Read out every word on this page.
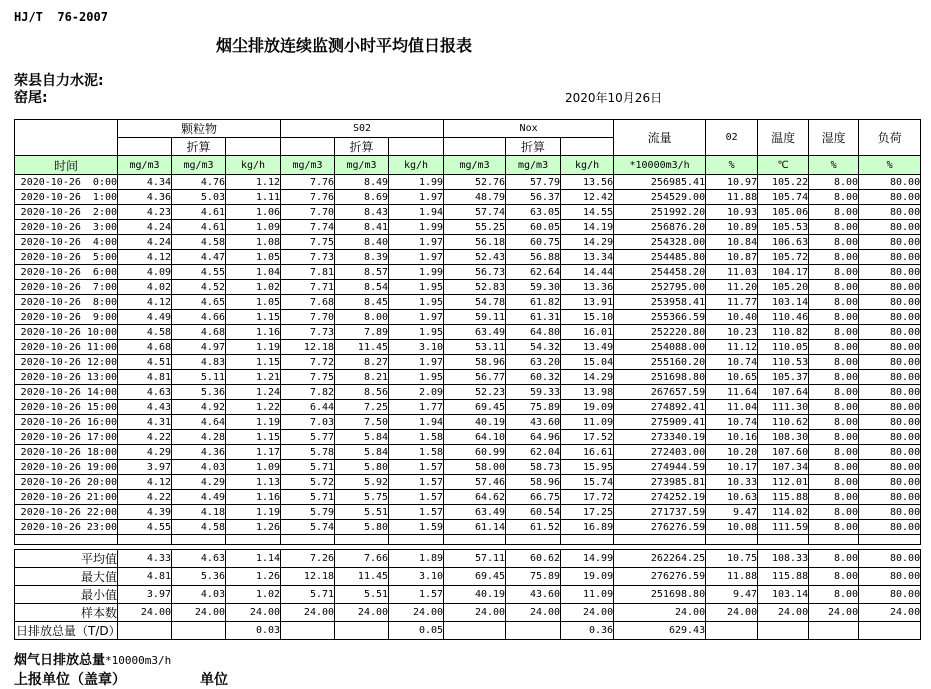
HJ/T  76-2007
烟尘排放连续监测小时平均值日报表
荣县自力水泥:
窑尾:	2020年10月26日
	颗粒物			S02			Nox			流量	02	温度	湿度	负荷
		折算			折算			折算						
时间	mg/m3	mg/m3	kg/h	mg/m3	mg/m3	kg/h	mg/m3	mg/m3	kg/h	*10000m3/h	%	℃	%	%
2020-10-26  0:00	4.34	4.76	1.12	7.76	8.49	1.99	52.76	57.79	13.56	256985.41	10.97	105.22	8.00	80.00
2020-10-26  1:00	4.36	5.03	1.11	7.76	8.69	1.97	48.79	56.37	12.42	254529.00	11.88	105.74	8.00	80.00
2020-10-26  2:00	4.23	4.61	1.06	7.70	8.43	1.94	57.74	63.05	14.55	251992.20	10.93	105.06	8.00	80.00
2020-10-26  3:00	4.24	4.61	1.09	7.74	8.41	1.99	55.25	60.05	14.19	256876.20	10.89	105.53	8.00	80.00
2020-10-26  4:00	4.24	4.58	1.08	7.75	8.40	1.97	56.18	60.75	14.29	254328.00	10.84	106.63	8.00	80.00
2020-10-26  5:00	4.12	4.47	1.05	7.73	8.39	1.97	52.43	56.88	13.34	254485.80	10.87	105.72	8.00	80.00
2020-10-26  6:00	4.09	4.55	1.04	7.81	8.57	1.99	56.73	62.64	14.44	254458.20	11.03	104.17	8.00	80.00
2020-10-26  7:00	4.02	4.52	1.02	7.71	8.54	1.95	52.83	59.30	13.36	252795.00	11.20	105.20	8.00	80.00
2020-10-26  8:00	4.12	4.65	1.05	7.68	8.45	1.95	54.78	61.82	13.91	253958.41	11.77	103.14	8.00	80.00
2020-10-26  9:00	4.49	4.66	1.15	7.70	8.00	1.97	59.11	61.31	15.10	255366.59	10.40	110.46	8.00	80.00
2020-10-26 10:00	4.58	4.68	1.16	7.73	7.89	1.95	63.49	64.80	16.01	252220.80	10.23	110.82	8.00	80.00
2020-10-26 11:00	4.68	4.97	1.19	12.18	11.45	3.10	53.11	54.32	13.49	254088.00	11.12	110.05	8.00	80.00
2020-10-26 12:00	4.51	4.83	1.15	7.72	8.27	1.97	58.96	63.20	15.04	255160.20	10.74	110.53	8.00	80.00
2020-10-26 13:00	4.81	5.11	1.21	7.75	8.21	1.95	56.77	60.32	14.29	251698.80	10.65	105.37	8.00	80.00
2020-10-26 14:00	4.63	5.36	1.24	7.82	8.56	2.09	52.23	59.33	13.98	267657.59	11.64	107.64	8.00	80.00
2020-10-26 15:00	4.43	4.92	1.22	6.44	7.25	1.77	69.45	75.89	19.09	274892.41	11.04	111.30	8.00	80.00
2020-10-26 16:00	4.31	4.64	1.19	7.03	7.50	1.94	40.19	43.60	11.09	275909.41	10.74	110.62	8.00	80.00
2020-10-26 17:00	4.22	4.28	1.15	5.77	5.84	1.58	64.10	64.96	17.52	273340.19	10.16	108.30	8.00	80.00
2020-10-26 18:00	4.29	4.36	1.17	5.78	5.84	1.58	60.99	62.04	16.61	272403.00	10.20	107.60	8.00	80.00
2020-10-26 19:00	3.97	4.03	1.09	5.71	5.80	1.57	58.00	58.73	15.95	274944.59	10.17	107.34	8.00	80.00
2020-10-26 20:00	4.12	4.29	1.13	5.72	5.92	1.57	57.46	58.96	15.74	273985.81	10.33	112.01	8.00	80.00
2020-10-26 21:00	4.22	4.49	1.16	5.71	5.75	1.57	64.62	66.75	17.72	274252.19	10.63	115.88	8.00	80.00
2020-10-26 22:00	4.39	4.18	1.19	5.79	5.51	1.57	63.49	60.54	17.25	271737.59	9.47	114.02	8.00	80.00
2020-10-26 23:00	4.55	4.58	1.26	5.74	5.80	1.59	61.14	61.52	16.89	276276.59	10.08	111.59	8.00	80.00

平均值	4.33	4.63	1.14	7.26	7.66	1.89	57.11	60.62	14.99	262264.25	10.75	108.33	8.00	80.00
最大值	4.81	5.36	1.26	12.18	11.45	3.10	69.45	75.89	19.09	276276.59	11.88	115.88	8.00	80.00
最小值	3.97	4.03	1.02	5.71	5.51	1.57	40.19	43.60	11.09	251698.80	9.47	103.14	8.00	80.00
样本数	24.00	24.00	24.00	24.00	24.00	24.00	24.00	24.00	24.00	24.00	24.00	24.00	24.00	24.00
日排放总量（T/D）			0.03			0.05			0.36	629.43				
烟气日排放总量*10000m3/h
上报单位（盖章）	单位
